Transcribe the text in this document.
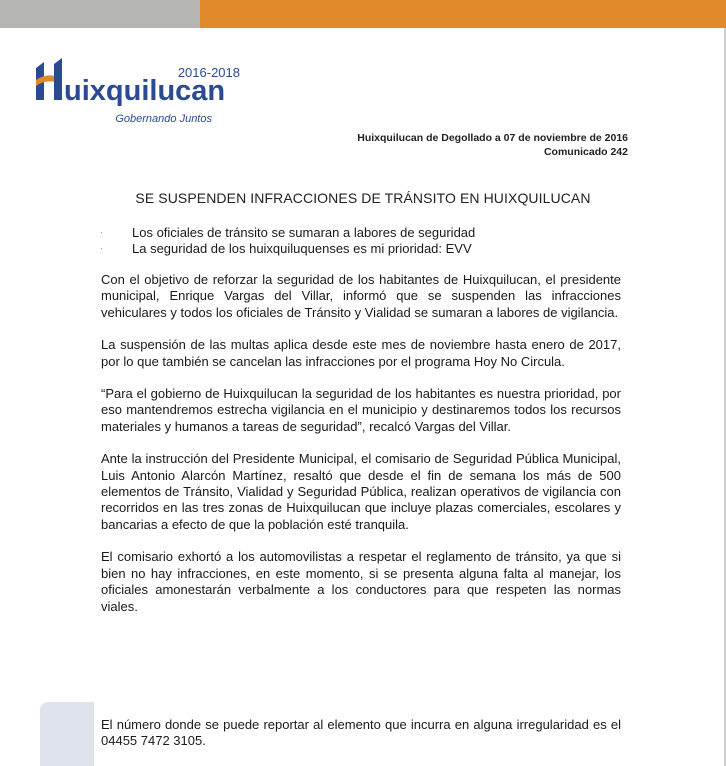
2016-2018
uixquilucan
Gobernando Juntos
Huixquilucan de Degollado a 07 de noviembre de 2016
Comunicado 242
SE SUSPENDEN INFRACCIONES DE TRÁNSITO EN HUIXQUILUCAN
· Los oficiales de tránsito se sumaran a labores de seguridad
· La seguridad de los huixquiluquenses es mi prioridad: EVV

Con el objetivo de reforzar la seguridad de los habitantes de Huixquilucan, el presidente municipal, Enrique Vargas del Villar, informó que se suspenden las infracciones vehiculares y todos los oficiales de Tránsito y Vialidad se sumaran a labores de vigilancia.

La suspensión de las multas aplica desde este mes de noviembre hasta enero de 2017, por lo que también se cancelan las infracciones por el programa Hoy No Circula.

“Para el gobierno de Huixquilucan la seguridad de los habitantes es nuestra prioridad, por eso mantendremos estrecha vigilancia en el municipio y destinaremos todos los recursos materiales y humanos a tareas de seguridad”, recalcó Vargas del Villar.

Ante la instrucción del Presidente Municipal, el comisario de Seguridad Pública Municipal, Luis Antonio Alarcón Martínez, resaltó que desde el fin de semana los más de 500 elementos de Tránsito, Vialidad y Seguridad Pública, realizan operativos de vigilancia con recorridos en las tres zonas de Huixquilucan que incluye plazas comerciales, escolares y bancarias a efecto de que la población esté tranquila.

El comisario exhortó a los automovilistas a respetar el reglamento de tránsito, ya que si bien no hay infracciones, en este momento, si se presenta alguna falta al manejar, los oficiales amonestarán verbalmente a los conductores para que respeten las normas viales.

El número donde se puede reportar al elemento que incurra en alguna irregularidad es el 04455 7472 3105.
